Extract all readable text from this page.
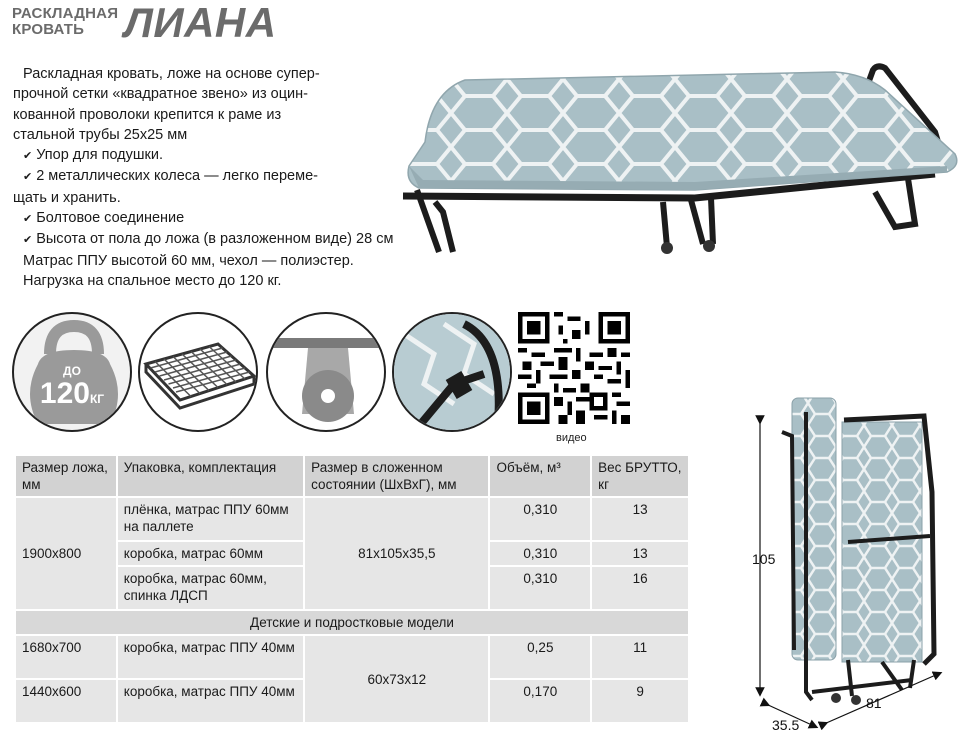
РАСКЛАДНАЯ
КРОВАТЬ ЛИАНА

Раскладная кровать, ложе на основе супер-

прочной сетки «квадратное звено» из оцин-

кованной проволоки крепится к раме из

стальной трубы 25х25 мм

✔ Упор для подушки.

✔ 2 металлических колеса — легко переме-

щать и хранить.

✔ Болтовое соединение

✔ Высота от пола до ложа (в разложенном виде) 28 см

Матрас ППУ высотой 60 мм, чехол — полиэстер.

Нагрузка на спальное место до 120 кг.

ДО
120КГ
видео
Размер ложа, мм	Упаковка, комплектация	Размер в сложенном состоянии (ШхВхГ), мм	Объём, м³	Вес БРУТТО, кг
1900х800	плёнка, матрас ППУ 60мм на паллете	81х105х35,5	0,310	13
	коробка, матрас 60мм		0,310	13
	коробка, матрас 60мм, спинка ЛДСП		0,310	16
Детские и подростковые модели				
1680х700	коробка, матрас ППУ 40мм	60х73х12	0,25	11
1440х600	коробка, матрас ППУ 40мм		0,170	9
105
35.5
81
